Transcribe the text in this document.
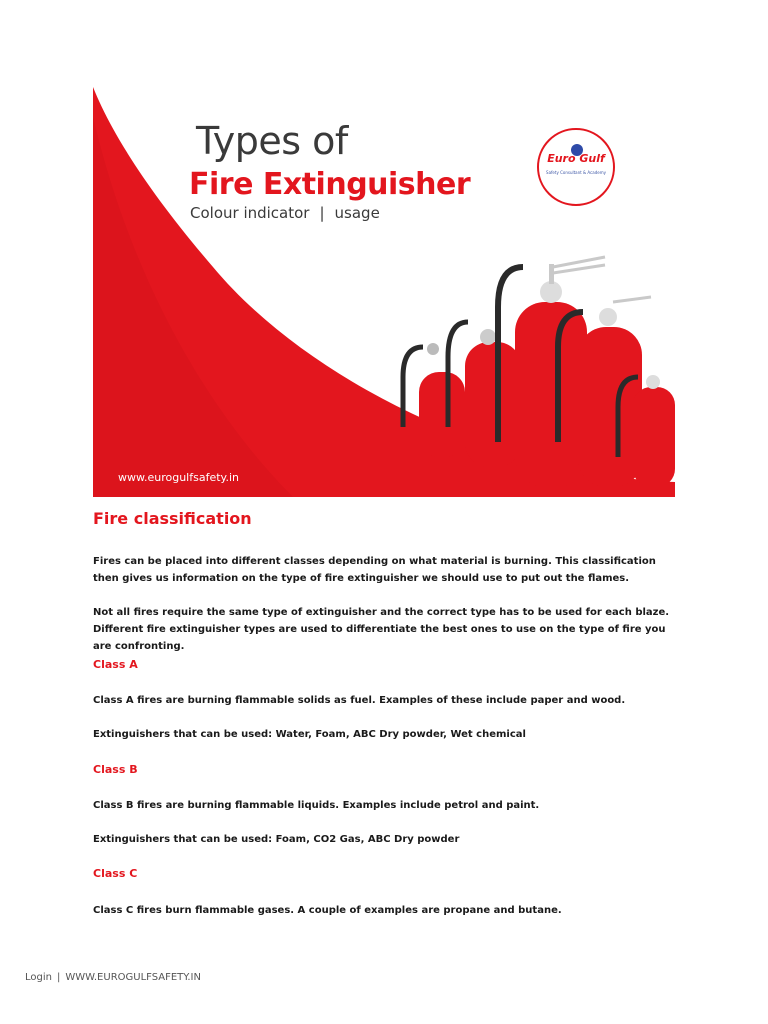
Types of
Fire Extinguisher
Colour indicator | usage
www.eurogulfsafety.in
Euro Gulf
Safety Consultant & Academy
Fire classification
Fires can be placed into different classes depending on what material is burning. This classification then gives us information on the type of fire extinguisher we should use to put out the flames.
Not all fires require the same type of extinguisher and the correct type has to be used for each blaze. Different fire extinguisher types are used to differentiate the best ones to use on the type of fire you are confronting.
Class A
Class A fires are burning flammable solids as fuel. Examples of these include paper and wood.
Extinguishers that can be used: Water, Foam, ABC Dry powder, Wet chemical
Class B
Class B fires are burning flammable liquids. Examples include petrol and paint.
Extinguishers that can be used: Foam, CO2 Gas, ABC Dry powder
Class C
Class C fires burn flammable gases. A couple of examples are propane and butane.
Login | WWW.EUROGULFSAFETY.IN
